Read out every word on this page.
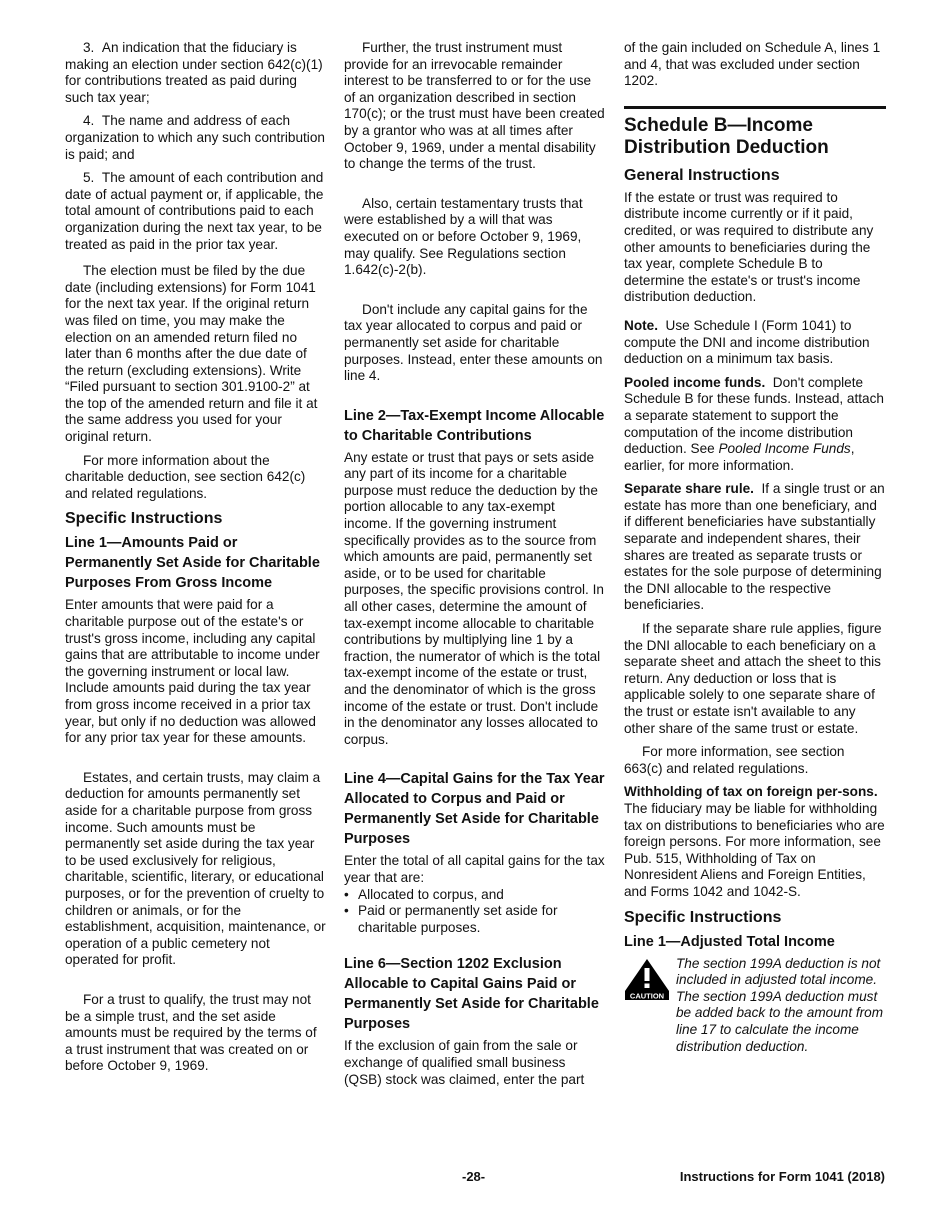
3.  An indication that the fiduciary is making an election under section 642(c)(1) for contributions treated as paid during such tax year;

4.  The name and address of each organization to which any such contribution is paid; and

5.  The amount of each contribution and date of actual payment or, if applicable, the total amount of contributions paid to each organization during the next tax year, to be treated as paid in the prior tax year.

The election must be filed by the due date (including extensions) for Form 1041 for the next tax year. If the original return was filed on time, you may make the election on an amended return filed no later than 6 months after the due date of the return (excluding extensions). Write “Filed pursuant to section 301.9100-2” at the top of the amended return and file it at the same address you used for your original return.

For more information about the charitable deduction, see section 642(c) and related regulations.

Specific Instructions
Line 1—Amounts Paid or Permanently Set Aside for Charitable Purposes From Gross Income

Enter amounts that were paid for a charitable purpose out of the estate's or trust's gross income, including any capital gains that are attributable to income under the governing instrument or local law. Include amounts paid during the tax year from gross income received in a prior tax year, but only if no deduction was allowed for any prior tax year for these amounts.

Estates, and certain trusts, may claim a deduction for amounts permanently set aside for a charitable purpose from gross income. Such amounts must be permanently set aside during the tax year to be used exclusively for religious, charitable, scientific, literary, or educational purposes, or for the prevention of cruelty to children or animals, or for the establishment, acquisition, maintenance, or operation of a public cemetery not operated for profit.

For a trust to qualify, the trust may not be a simple trust, and the set aside amounts must be required by the terms of a trust instrument that was created on or before October 9, 1969.

Further, the trust instrument must provide for an irrevocable remainder interest to be transferred to or for the use of an organization described in section 170(c); or the trust must have been created by a grantor who was at all times after October 9, 1969, under a mental disability to change the terms of the trust.

Also, certain testamentary trusts that were established by a will that was executed on or before October 9, 1969, may qualify. See Regulations section 1.642(c)-2(b).

Don't include any capital gains for the tax year allocated to corpus and paid or permanently set aside for charitable purposes. Instead, enter these amounts on line 4.

Line 2—Tax-Exempt Income Allocable to Charitable Contributions

Any estate or trust that pays or sets aside any part of its income for a charitable purpose must reduce the deduction by the portion allocable to any tax-exempt income. If the governing instrument specifically provides as to the source from which amounts are paid, permanently set aside, or to be used for charitable purposes, the specific provisions control. In all other cases, determine the amount of tax-exempt income allocable to charitable contributions by multiplying line 1 by a fraction, the numerator of which is the total tax-exempt income of the estate or trust, and the denominator of which is the gross income of the estate or trust. Don't include in the denominator any losses allocated to corpus.

Line 4—Capital Gains for the Tax Year Allocated to Corpus and Paid or Permanently Set Aside for Charitable Purposes

Enter the total of all capital gains for the tax year that are:

• Allocated to corpus, and
• Paid or permanently set aside for charitable purposes.
Line 6—Section 1202 Exclusion Allocable to Capital Gains Paid or Permanently Set Aside for Charitable Purposes

If the exclusion of gain from the sale or exchange of qualified small business (QSB) stock was claimed, enter the part

of the gain included on Schedule A, lines 1 and 4, that was excluded under section 1202.

Schedule B—Income Distribution Deduction
General Instructions

If the estate or trust was required to distribute income currently or if it paid, credited, or was required to distribute any other amounts to beneficiaries during the tax year, complete Schedule B to determine the estate's or trust's income distribution deduction.

Note. Use Schedule I (Form 1041) to compute the DNI and income distribution deduction on a minimum tax basis.

Pooled income funds. Don't complete Schedule B for these funds. Instead, attach a separate statement to support the computation of the income distribution deduction. See Pooled Income Funds, earlier, for more information.

Separate share rule. If a single trust or an estate has more than one beneficiary, and if different beneficiaries have substantially separate and independent shares, their shares are treated as separate trusts or estates for the sole purpose of determining the DNI allocable to the respective beneficiaries.

If the separate share rule applies, figure the DNI allocable to each beneficiary on a separate sheet and attach the sheet to this return. Any deduction or loss that is applicable solely to one separate share of the trust or estate isn't available to any other share of the same trust or estate.

For more information, see section 663(c) and related regulations.

Withholding of tax on foreign per-sons.  The fiduciary may be liable for withholding tax on distributions to beneficiaries who are foreign persons. For more information, see Pub. 515, Withholding of Tax on Nonresident Aliens and Foreign Entities, and Forms 1042 and 1042-S.

Specific Instructions
Line 1—Adjusted Total Income
CAUTION
The section 199A deduction is not included in adjusted total income. The section 199A deduction must be added back to the amount from line 17 to calculate the income distribution deduction.
-28-	Instructions for Form 1041 (2018)
